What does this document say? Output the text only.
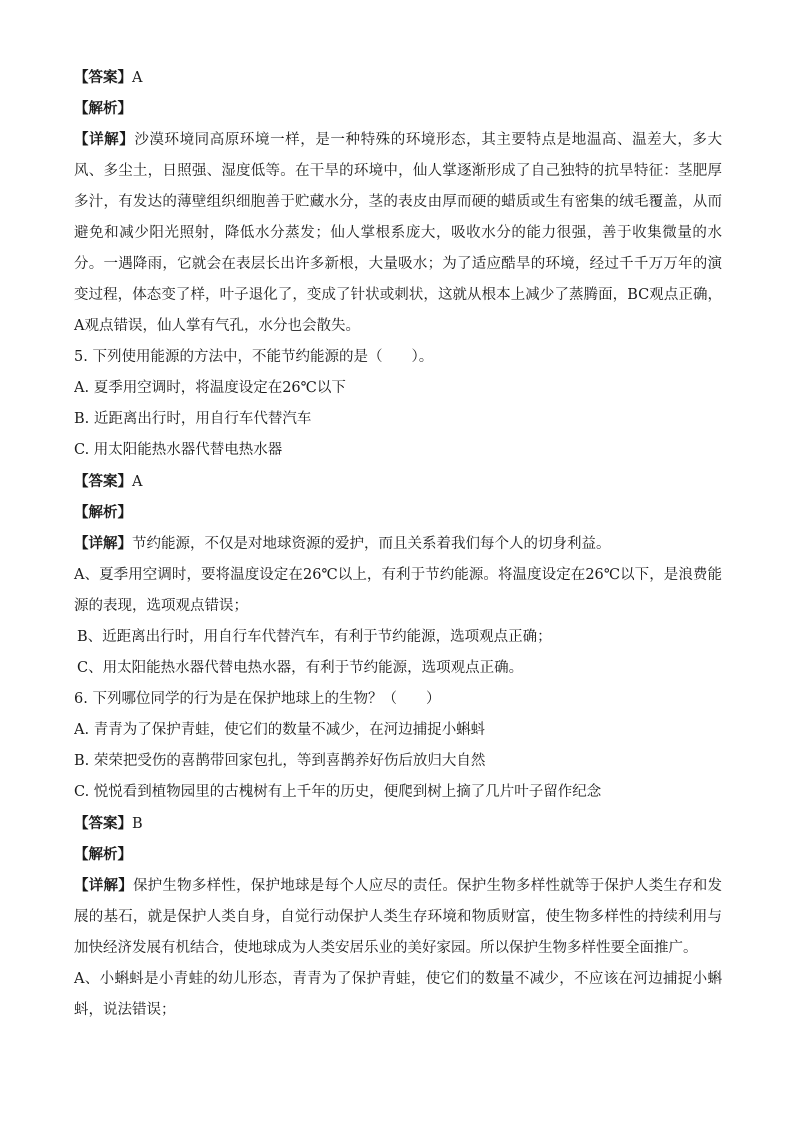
【答案】A
【解析】
【详解】沙漠环境同高原环境一样，是一种特殊的环境形态，其主要特点是地温高、温差大，多大风、多尘土，日照强、湿度低等。在干旱的环境中，仙人掌逐渐形成了自己独特的抗旱特征：茎肥厚多汁，有发达的薄壁组织细胞善于贮藏水分，茎的表皮由厚而硬的蜡质或生有密集的绒毛覆盖，从而避免和减少阳光照射，降低水分蒸发；仙人掌根系庞大，吸收水分的能力很强，善于收集微量的水分。一遇降雨，它就会在表层长出许多新根，大量吸水；为了适应酷旱的环境，经过千千万万年的演变过程，体态变了样，叶子退化了，变成了针状或刺状，这就从根本上减少了蒸腾面，BC观点正确，A观点错误，仙人掌有气孔，水分也会散失。
5. 下列使用能源的方法中，不能节约能源的是（　　）。
A. 夏季用空调时，将温度设定在26℃以下
B. 近距离出行时，用自行车代替汽车
C. 用太阳能热水器代替电热水器
【答案】A
【解析】
【详解】节约能源，不仅是对地球资源的爱护，而且关系着我们每个人的切身利益。
A、夏季用空调时，要将温度设定在26℃以上，有利于节约能源。将温度设定在26℃以下，是浪费能源的表现，选项观点错误；
B、近距离出行时，用自行车代替汽车，有利于节约能源，选项观点正确；
C、用太阳能热水器代替电热水器，有利于节约能源，选项观点正确。
6. 下列哪位同学的行为是在保护地球上的生物？（　　）
A. 青青为了保护青蛙，使它们的数量不减少，在河边捕捉小蝌蚪
B. 荣荣把受伤的喜鹊带回家包扎，等到喜鹊养好伤后放归大自然
C. 悦悦看到植物园里的古槐树有上千年的历史，便爬到树上摘了几片叶子留作纪念
【答案】B
【解析】
【详解】保护生物多样性，保护地球是每个人应尽的责任。保护生物多样性就等于保护人类生存和发展的基石，就是保护人类自身，自觉行动保护人类生存环境和物质财富，使生物多样性的持续利用与加快经济发展有机结合，使地球成为人类安居乐业的美好家园。所以保护生物多样性要全面推广。
A、小蝌蚪是小青蛙的幼儿形态，青青为了保护青蛙，使它们的数量不减少，不应该在河边捕捉小蝌蚪，说法错误；
